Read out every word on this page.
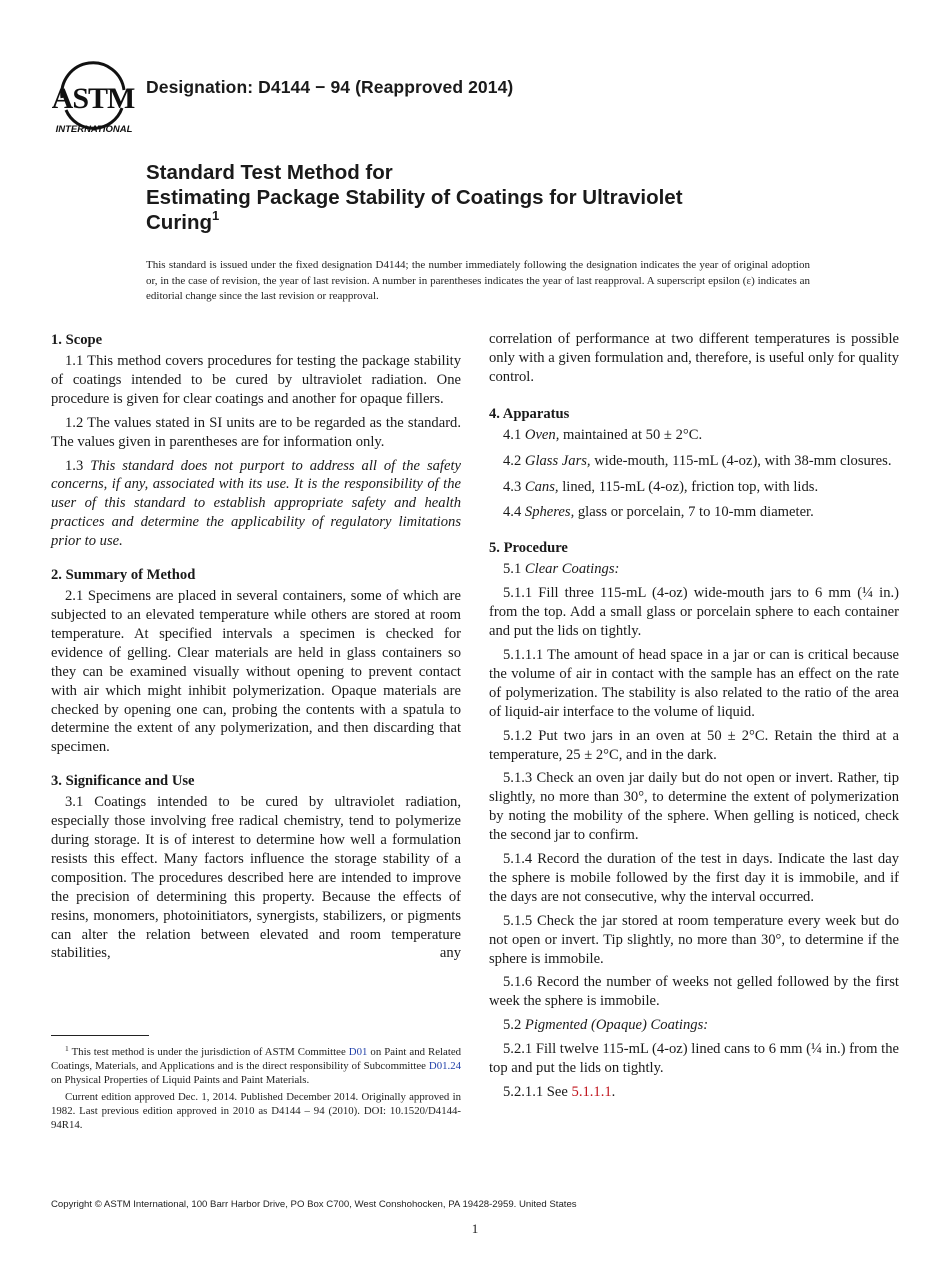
ASTM
INTERNATIONAL
Designation: D4144 − 94 (Reapproved 2014)
Standard Test Method for
Estimating Package Stability of Coatings for Ultraviolet
Curing$^1$
This standard is issued under the fixed designation D4144; the number immediately following the designation indicates the year of original adoption or, in the case of revision, the year of last revision. A number in parentheses indicates the year of last reapproval. A superscript epsilon (ε) indicates an editorial change since the last revision or reapproval.
1. Scope

1.1 This method covers procedures for testing the package stability of coatings intended to be cured by ultraviolet radiation. One procedure is given for clear coatings and another for opaque fillers.

1.2 The values stated in SI units are to be regarded as the standard. The values given in parentheses are for information only.

1.3 This standard does not purport to address all of the safety concerns, if any, associated with its use. It is the responsibility of the user of this standard to establish appropriate safety and health practices and determine the applicability of regulatory limitations prior to use.

2. Summary of Method

2.1 Specimens are placed in several containers, some of which are subjected to an elevated temperature while others are stored at room temperature. At specified intervals a specimen is checked for evidence of gelling. Clear materials are held in glass containers so they can be examined visually without opening to prevent contact with air which might inhibit polymerization. Opaque materials are checked by opening one can, probing the contents with a spatula to determine the extent of any polymerization, and then discarding that specimen.

3. Significance and Use

3.1 Coatings intended to be cured by ultraviolet radiation, especially those involving free radical chemistry, tend to polymerize during storage. It is of interest to determine how well a formulation resists this effect. Many factors influence the storage stability of a composition. The procedures described here are intended to improve the precision of determining this property. Because the effects of resins, monomers, photoinitiators, synergists, stabilizers, or pigments can alter the relation between elevated and room temperature stabilities, any

$^1$ This test method is under the jurisdiction of ASTM Committee D01 on Paint and Related Coatings, Materials, and Applications and is the direct responsibility of Subcommittee D01.24 on Physical Properties of Liquid Paints and Paint Materials.

Current edition approved Dec. 1, 2014. Published December 2014. Originally approved in 1982. Last previous edition approved in 2010 as D4144 – 94 (2010). DOI: 10.1520/D4144-94R14.

correlation of performance at two different temperatures is possible only with a given formulation and, therefore, is useful only for quality control.

4. Apparatus

4.1 Oven, maintained at 50 ± 2°C.

4.2 Glass Jars, wide-mouth, 115-mL (4-oz), with 38-mm closures.

4.3 Cans, lined, 115-mL (4-oz), friction top, with lids.

4.4 Spheres, glass or porcelain, 7 to 10-mm diameter.

5. Procedure

5.1 Clear Coatings:

5.1.1 Fill three 115-mL (4-oz) wide-mouth jars to 6 mm (¼ in.) from the top. Add a small glass or porcelain sphere to each container and put the lids on tightly.

5.1.1.1 The amount of head space in a jar or can is critical because the volume of air in contact with the sample has an effect on the rate of polymerization. The stability is also related to the ratio of the area of liquid-air interface to the volume of liquid.

5.1.2 Put two jars in an oven at 50 ± 2°C. Retain the third at a temperature, 25 ± 2°C, and in the dark.

5.1.3 Check an oven jar daily but do not open or invert. Rather, tip slightly, no more than 30°, to determine the extent of polymerization by noting the mobility of the sphere. When gelling is noticed, check the second jar to confirm.

5.1.4 Record the duration of the test in days. Indicate the last day the sphere is mobile followed by the first day it is immobile, and if the days are not consecutive, why the interval occurred.

5.1.5 Check the jar stored at room temperature every week but do not open or invert. Tip slightly, no more than 30°, to determine if the sphere is immobile.

5.1.6 Record the number of weeks not gelled followed by the first week the sphere is immobile.

5.2 Pigmented (Opaque) Coatings:

5.2.1 Fill twelve 115-mL (4-oz) lined cans to 6 mm (¼ in.) from the top and put the lids on tightly.

5.2.1.1 See 5.1.1.1.

Copyright © ASTM International, 100 Barr Harbor Drive, PO Box C700, West Conshohocken, PA 19428-2959. United States
1
